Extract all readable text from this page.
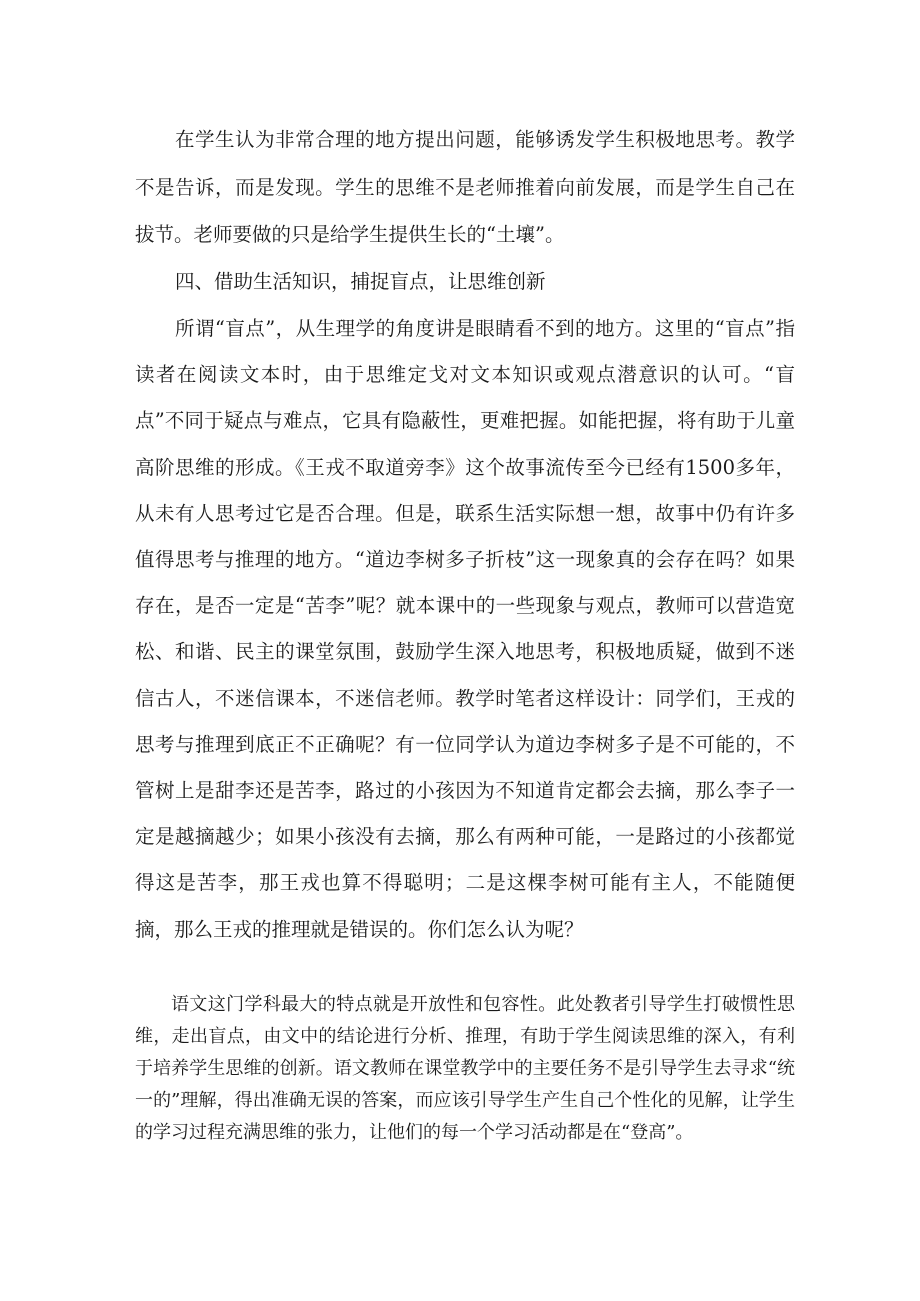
在学生认为非常合理的地方提出问题，能够诱发学生积极地思考。教学不是告诉，而是发现。学生的思维不是老师推着向前发展，而是学生自己在拔节。老师要做的只是给学生提供生长的“土壤”。

四、借助生活知识，捕捉盲点，让思维创新

所谓“盲点”，从生理学的角度讲是眼睛看不到的地方。这里的“盲点”指读者在阅读文本时，由于思维定戈对文本知识或观点潜意识的认可。“盲点”不同于疑点与难点，它具有隐蔽性，更难把握。如能把握，将有助于儿童高阶思维的形成。《王戎不取道旁李》这个故事流传至今已经有1500多年，从未有人思考过它是否合理。但是，联系生活实际想一想，故事中仍有许多值得思考与推理的地方。“道边李树多子折枝”这一现象真的会存在吗？如果存在，是否一定是“苦李”呢？就本课中的一些现象与观点，教师可以营造宽松、和谐、民主的课堂氛围，鼓励学生深入地思考，积极地质疑，做到不迷信古人，不迷信课本，不迷信老师。教学时笔者这样设计：同学们，王戎的思考与推理到底正不正确呢？有一位同学认为道边李树多子是不可能的，不管树上是甜李还是苦李，路过的小孩因为不知道肯定都会去摘，那么李子一定是越摘越少；如果小孩没有去摘，那么有两种可能，一是路过的小孩都觉得这是苦李，那王戎也算不得聪明；二是这棵李树可能有主人，不能随便摘，那么王戎的推理就是错误的。你们怎么认为呢？

语文这门学科最大的特点就是开放性和包容性。此处教者引导学生打破惯性思维，走出盲点，由文中的结论进行分析、推理，有助于学生阅读思维的深入，有利于培养学生思维的创新。语文教师在课堂教学中的主要任务不是引导学生去寻求“统一的”理解，得出准确无误的答案，而应该引导学生产生自己个性化的见解，让学生的学习过程充满思维的张力，让他们的每一个学习活动都是在“登高”。
